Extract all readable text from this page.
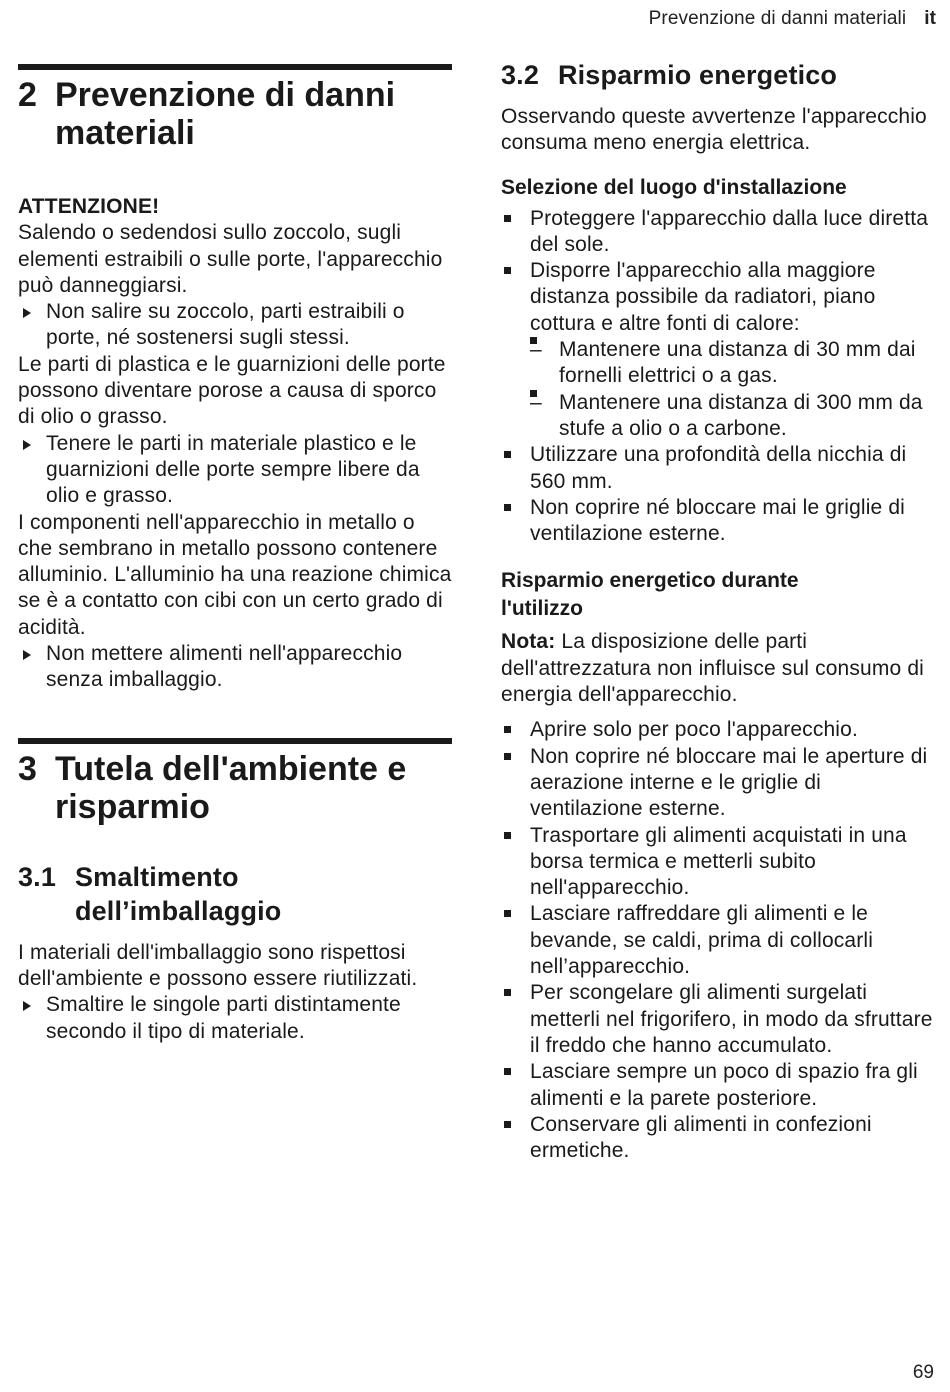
Prevenzione di danni materiali it
2 Prevenzione di danni materiali

ATTENZIONE!

Salendo o sedendosi sullo zoccolo, sugli elementi estraibili o sulle porte, l'apparecchio può danneggiarsi.

Non salire su zoccolo, parti estraibili o porte, né sostenersi sugli stessi.

Le parti di plastica e le guarnizioni delle porte possono diventare porose a causa di sporco di olio o grasso.

Tenere le parti in materiale plastico e le guarnizioni delle porte sempre libere da olio e grasso.

I componenti nell'apparecchio in metallo o che sembrano in metallo possono contenere alluminio. L'alluminio ha una reazione chimica se è a contatto con cibi con un certo grado di acidità.

Non mettere alimenti nell'apparecchio senza imballaggio.
3 Tutela dell'ambiente e risparmio
3.1 Smaltimento dell’imballaggio

I materiali dell'imballaggio sono rispettosi dell'ambiente e possono essere riutilizzati.

Smaltire le singole parti distintamente secondo il tipo di materiale.
3.2 Risparmio energetico

Osservando queste avvertenze l'apparecchio consuma meno energia elettrica.

Selezione del luogo d'installazione
Proteggere l'apparecchio dalla luce diretta del sole.
Disporre l'apparecchio alla maggiore distanza possibile da radiatori, piano cottura e altre fonti di calore:
– Mantenere una distanza di 30 mm dai fornelli elettrici o a gas.
– Mantenere una distanza di 300 mm da stufe a olio o a carbone.
Utilizzare una profondità della nicchia di 560 mm.
Non coprire né bloccare mai le griglie di ventilazione esterne.
Risparmio energetico durante l'utilizzo

Nota: La disposizione delle parti dell'attrezzatura non influisce sul consumo di energia dell'apparecchio.

Aprire solo per poco l'apparecchio.
Non coprire né bloccare mai le aperture di aerazione interne e le griglie di ventilazione esterne.
Trasportare gli alimenti acquistati in una borsa termica e metterli subito nell'apparecchio.
Lasciare raffreddare gli alimenti e le bevande, se caldi, prima di collocarli nell’apparecchio.
Per scongelare gli alimenti surgelati metterli nel frigorifero, in modo da sfruttare il freddo che hanno accumulato.
Lasciare sempre un poco di spazio fra gli alimenti e la parete posteriore.
Conservare gli alimenti in confezioni ermetiche.
69
